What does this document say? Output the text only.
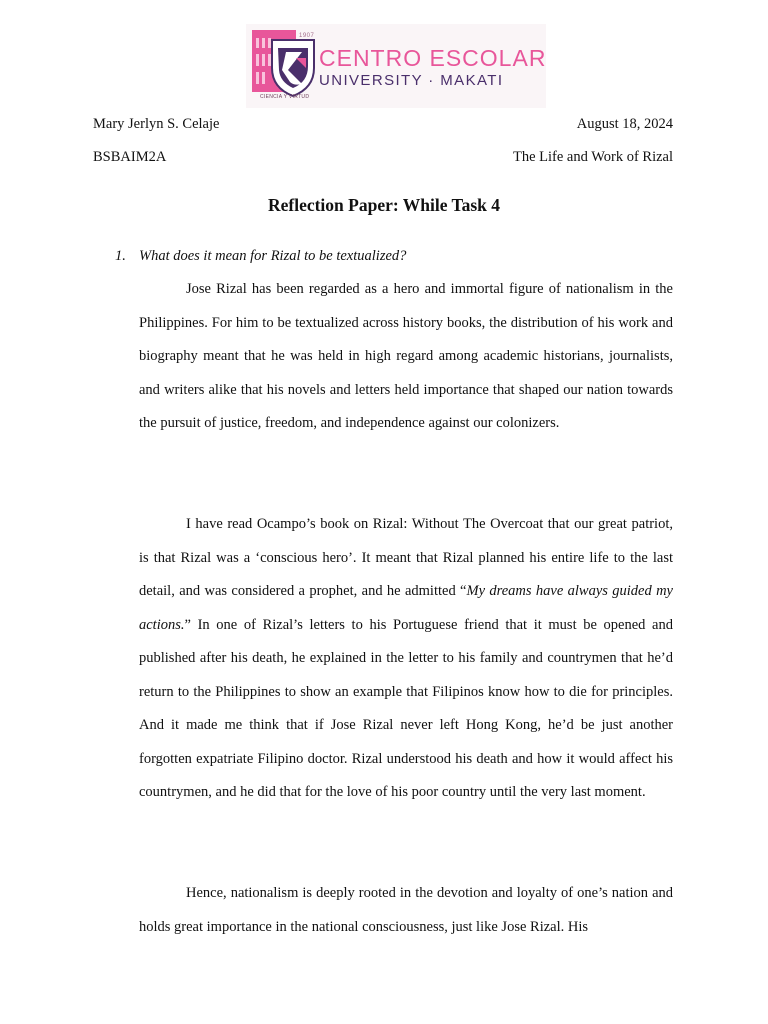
1907
CIENCIA Y VIRTUD
CENTRO ESCOLAR
UNIVERSITY · MAKATI
Mary Jerlyn S. Celaje	August 18, 2024
BSBAIM2A	The Life and Work of Rizal
Reflection Paper: While Task 4
1. What does it mean for Rizal to be textualized?

Jose Rizal has been regarded as a hero and immortal figure of nationalism in the Philippines. For him to be textualized across history books, the distribution of his work and biography meant that he was held in high regard among academic historians, journalists, and writers alike that his novels and letters held importance that shaped our nation towards the pursuit of justice, freedom, and independence against our colonizers.

I have read Ocampo’s book on Rizal: Without The Overcoat that our great patriot, is that Rizal was a ‘conscious hero’. It meant that Rizal planned his entire life to the last detail, and was considered a prophet, and he admitted “My dreams have always guided my actions.” In one of Rizal’s letters to his Portuguese friend that it must be opened and published after his death, he explained in the letter to his family and countrymen that he’d return to the Philippines to show an example that Filipinos know how to die for principles. And it made me think that if Jose Rizal never left Hong Kong, he’d be just another forgotten expatriate Filipino doctor. Rizal understood his death and how it would affect his countrymen, and he did that for the love of his poor country until the very last moment.

Hence, nationalism is deeply rooted in the devotion and loyalty of one’s nation and holds great importance in the national consciousness, just like Jose Rizal. His
